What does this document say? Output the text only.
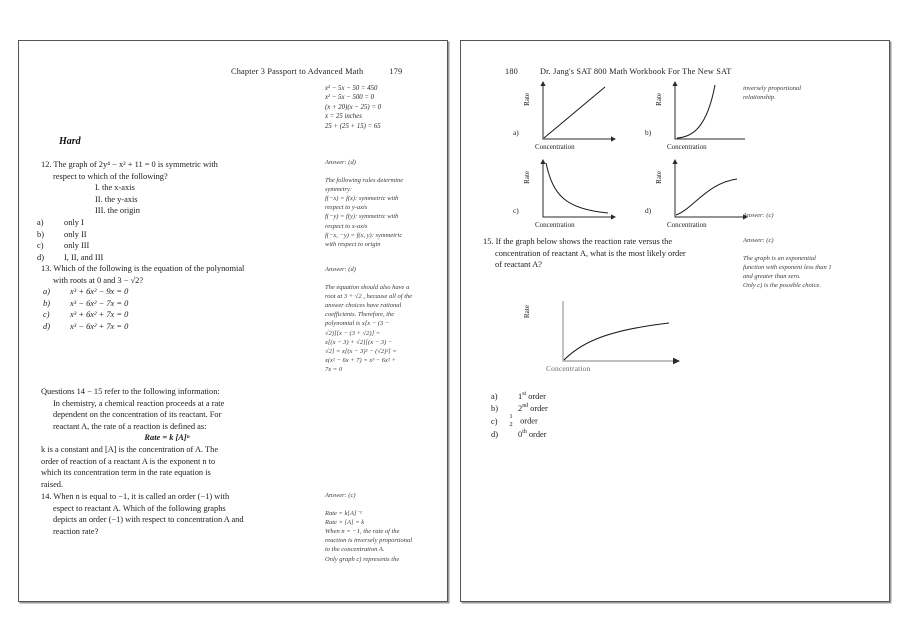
Chapter 3 Passport to Advanced Math	179
x² − 5x − 50 = 450
x² − 5x − 500 = 0
(x + 20)(x − 25) = 0
x = 25 inches
25 + (25 + 15) = 65
Hard
12. The graph of 2y⁴ − x² + 11 = 0 is symmetric with
respect to which of the following?
I. the x-axis
II. the y-axis
III. the origin
a) only I
b) only II
c) only III
d) I, II, and III
Answer: (d)
The following rules determine
symmetry:
f(−x) = f(x): symmetric with
respect to y-axis
f(−y) = f(y): symmetric with
respect to x-axis
f(−x, −y) = f(x, y): symmetric
with respect to origin
13. Which of the following is the equation of the polynomial
with roots at 0 and 3 − √2?
a) x³ + 6x² − 9x = 0
b) x³ − 6x² − 7x = 0
c) x³ + 6x² + 7x = 0
d) x³ − 6x² + 7x = 0
Answer: (d)
The equation should also have a
root at 3 + √2 , because all of the
answer choices have rational
coefficients. Therefore, the
polynomial is x[x − (3 −
√2)][x − (3 + √2)] =
x[(x − 3) + √2][(x − 3) −
√2] = x[(x − 3)² − (√2)²] =
x(x² − 6x + 7) = x³ − 6x² +
7x = 0
Questions 14 − 15 refer to the following information:
In chemistry, a chemical reaction proceeds at a rate
dependent on the concentration of its reactant. For
reactant A, the rate of a reaction is defined as:
Rate = k [A]ⁿ
k is a constant and [A] is the concentration of A. The
order of reaction of a reactant A is the exponent n to
which its concentration term in the rate equation is
raised.
14. When n is equal to −1, it is called an order (−1) with
espect to reactant A. Which of the following graphs
depicts an order (−1) with respect to concentration A and
reaction rate?
Answer: (c)
Rate = k[A]⁻¹
Rate × [A] = k
When n = −1, the rate of the
reaction is inversely proportional
to the concentration A.
Only graph c) represents the
180	Dr. Jang's SAT 800 Math Workbook For The New SAT
inversely proportional
relationship.
a)
Rate
Concentration
b)
Rate
Concentration
c)
Rate
Concentration
d)
Rate
Concentration
Answer: (c)
15. If the graph below shows the reaction rate versus the
concentration of reactant A, what is the most likely order
of reactant A?
Rate
Concentration
a) 1st order
b) 2nd order
c)	$\frac{1}{2}$ order
d) 0th order
Answer: (c)
The graph is an exponential
function with exponent less than 1
and greater than zero.
Only c) is the possible choice.
